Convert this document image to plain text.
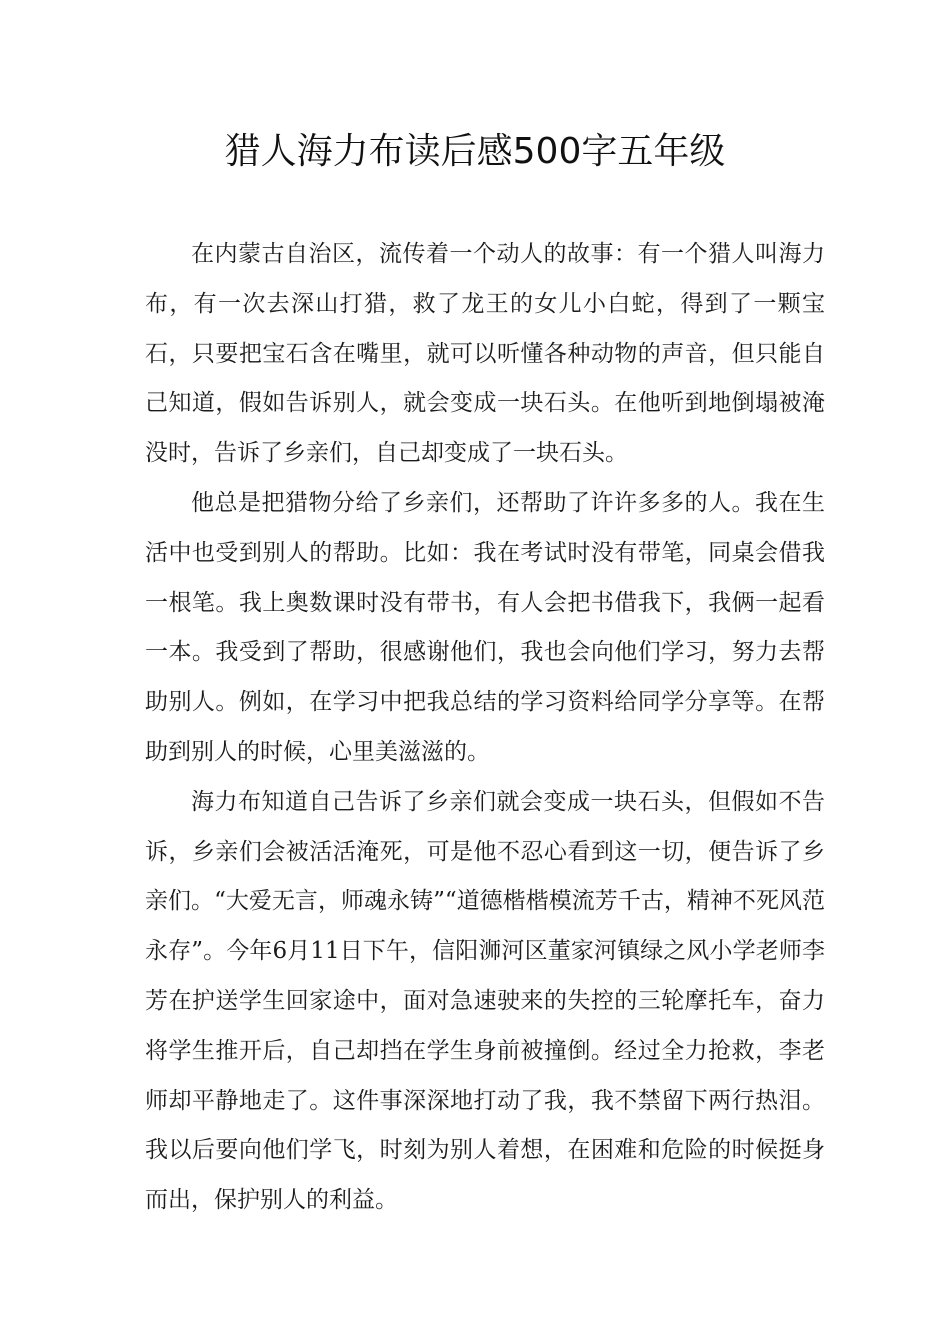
猎人海力布读后感500字五年级

在内蒙古自治区，流传着一个动人的故事：有一个猎人叫海力布，有一次去深山打猎，救了龙王的女儿小白蛇，得到了一颗宝石，只要把宝石含在嘴里，就可以听懂各种动物的声音，但只能自己知道，假如告诉别人，就会变成一块石头。在他听到地倒塌被淹没时，告诉了乡亲们，自己却变成了一块石头。

他总是把猎物分给了乡亲们，还帮助了许许多多的人。我在生活中也受到别人的帮助。比如：我在考试时没有带笔，同桌会借我一根笔。我上奥数课时没有带书，有人会把书借我下，我俩一起看一本。我受到了帮助，很感谢他们，我也会向他们学习，努力去帮助别人。例如，在学习中把我总结的学习资料给同学分享等。在帮助到别人的时候，心里美滋滋的。

海力布知道自己告诉了乡亲们就会变成一块石头，但假如不告诉，乡亲们会被活活淹死，可是他不忍心看到这一切，便告诉了乡亲们。“大爱无言，师魂永铸”“道德楷楷模流芳千古，精神不死风范永存”。今年6月11日下午，信阳浉河区董家河镇绿之风小学老师李芳在护送学生回家途中，面对急速驶来的失控的三轮摩托车，奋力将学生推开后，自己却挡在学生身前被撞倒。经过全力抢救，李老师却平静地走了。这件事深深地打动了我，我不禁留下两行热泪。我以后要向他们学飞，时刻为别人着想，在困难和危险的时候挺身而出，保护别人的利益。
